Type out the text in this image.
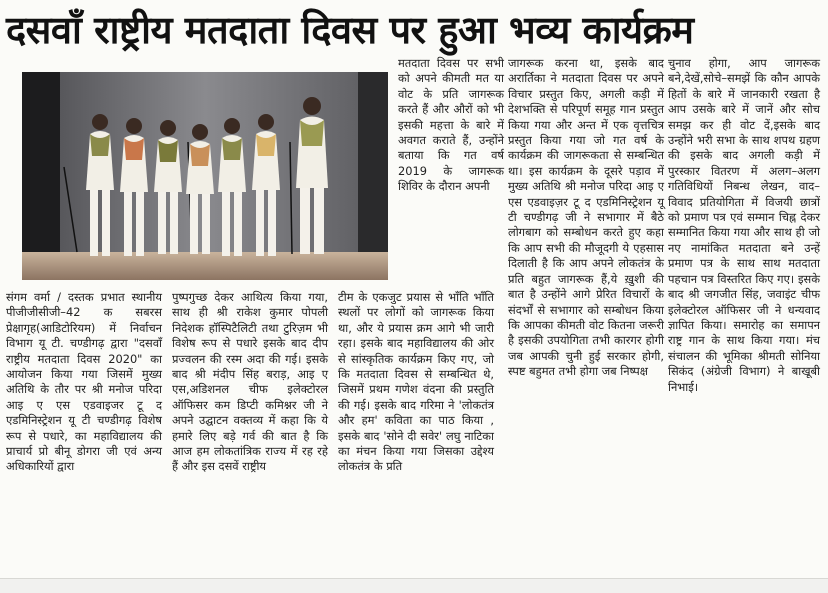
दसवाँ राष्ट्रीय मतदाता दिवस पर हुआ भव्य कार्यक्रम

मतदाता दिवस पर सभी को अपने कीमती मत या वोट के प्रति जागरूक करते हैं और औरों को भी इसकी महत्ता के बारे में अवगत कराते हैं, उन्होंने बताया कि गत वर्ष 2019 के जागरूक शिविर के दौरान अपनी

जागरूक करना था, इसके बाद अरार्तिका ने मतदाता दिवस पर अपने विचार प्रस्तुत किए, अगली कड़ी में देशभक्ति से परिपूर्ण समूह गान प्रस्तुत किया गया और अन्त में एक वृत्तचित्र प्रस्तुत किया गया जो गत वर्ष के कार्यक्रम की जागरूकता से सम्बन्धित था। इस कार्यक्रम के दूसरे पड़ाव में मुख्य अतिथि श्री मनोज परिदा आइ ए एस एडवाइज़र टू द एडमिनिस्ट्रेशन यू टी चण्डीगढ़ जी ने सभागार में बैठे लोगबाग को सम्बोधन करते हुए कहा कि आप सभी की मौजूदगी ये एहसास दिलाती है कि आप अपने लोकतंत्र के प्रति बहुत जागरूक हैं,ये ख़ुशी की बात है उन्होंने आगे प्रेरित विचारों के संदर्भों से सभागार को सम्बोधन किया कि आपका कीमती वोट कितना जरूरी है इसकी उपयोगिता तभी कारगर होगी जब आपकी चुनी हुई सरकार होगी, स्पष्ट बहुमत तभी होगा जब निष्पक्ष

चुनाव होगा, आप जागरूक बने,देखें,सोचे–समझें कि कौन आपके हितों के बारे में जानकारी रखता है आप उसके बारे में जानें और सोच समझ कर ही वोट दें,इसके बाद उन्होंने भरी सभा के साथ शपथ ग्रहण की इसके बाद अगली कड़ी में पुरस्कार वितरण में अलग–अलग गतिविधियों निबन्ध लेखन, वाद–विवाद प्रतियोगिता में विजयी छात्रों को प्रमाण पत्र एवं सम्मान चिह्न देकर सम्मानित किया गया और साथ ही जो नए नामांकित मतदाता बने उन्हें प्रमाण पत्र के साथ साथ मतदाता पहचान पत्र विस्तरित किए गए। इसके बाद श्री जगजीत सिंह, जवाइंट चीफ इलेक्टोरल ऑफिसर जी ने धन्यवाद ज्ञापित किया। समारोह का समापन राष्ट्र गान के साथ किया गया। मंच संचालन की भूमिका श्रीमती सोनिया सिकंद (अंग्रेजी विभाग) ने बाखूबी निभाई।

संगम वर्मा / दस्तक प्रभात स्थानीय पीजीजीसीजी–42 क सबरस प्रेक्षागृह(आडिटोरियम) में निर्वाचन विभाग यू टी. चण्डीगढ़ द्वारा "दसवाँ राष्ट्रीय मतदाता दिवस 2020" का आयोजन किया गया जिसमें मुख्य अतिथि के तौर पर श्री मनोज परिदा आइ ए एस एडवाइजर टू द एडमिनिस्ट्रेशन यू टी चण्डीगढ़ विशेष रूप से पधारे, का महाविद्यालय की प्राचार्य प्रो बीनू डोगरा जी एवं अन्य अधिकारियों द्वारा

पुष्पगुच्छ देकर आथित्य किया गया, साथ ही श्री राकेश कुमार पोपली निदेशक हॉस्पिटैलिटी तथा टुरिज़म भी विशेष रूप से पधारे इसके बाद दीप प्रज्वलन की रस्म अदा की गई। इसके बाद श्री मंदीप सिंह बराड़, आइ ए एस,अडिशनल चीफ इलेक्टोरल ऑफिसर कम डिप्टी कमिश्नर जी ने अपने उद्घाटन वक्तव्य में कहा कि ये हमारे लिए बड़े गर्व की बात है कि आज हम लोकतांत्रिक राज्य में रह रहे हैं और इस दसवें राष्ट्रीय

टीम के एकजुट प्रयास से भाँति भाँति स्थलों पर लोगों को जागरूक किया था, और ये प्रयास क्रम आगे भी जारी रहा। इसके बाद महाविद्यालय की ओर से सांस्कृतिक कार्यक्रम किए गए, जो कि मतदाता दिवस से सम्बन्धित थे, जिसमें प्रथम गणेश वंदना की प्रस्तुति की गई। इसके बाद गरिमा ने 'लोकतंत्र और हम' कविता का पाठ किया , इसके बाद 'सोने दी सवेर' लघु नाटिका का मंचन किया गया जिसका उद्देश्य लोकतंत्र के प्रति
